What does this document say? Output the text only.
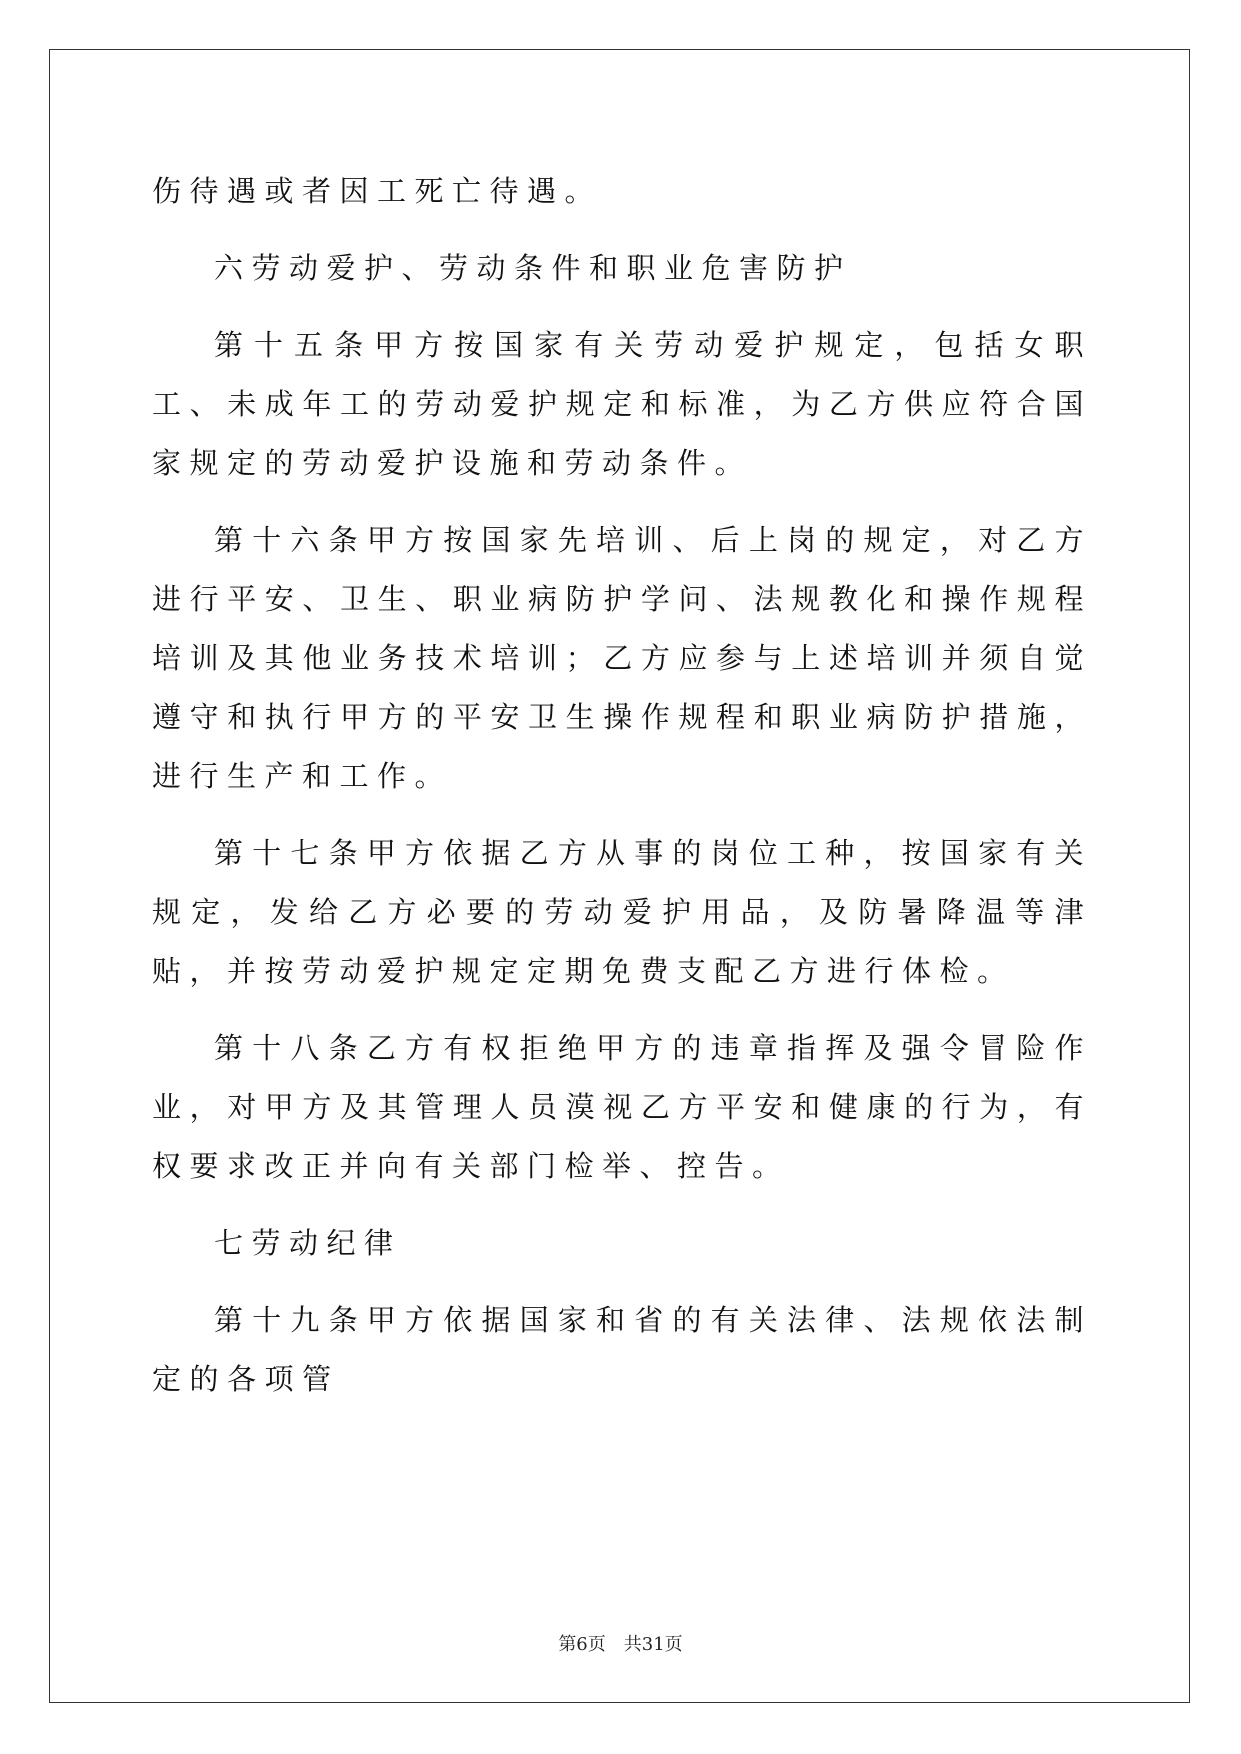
伤待遇或者因工死亡待遇。

六劳动爱护、劳动条件和职业危害防护

第十五条甲方按国家有关劳动爱护规定，包括女职工、未成年工的劳动爱护规定和标准，为乙方供应符合国家规定的劳动爱护设施和劳动条件。

第十六条甲方按国家先培训、后上岗的规定，对乙方进行平安、卫生、职业病防护学问、法规教化和操作规程培训及其他业务技术培训；乙方应参与上述培训并须自觉遵守和执行甲方的平安卫生操作规程和职业病防护措施，进行生产和工作。

第十七条甲方依据乙方从事的岗位工种，按国家有关规定，发给乙方必要的劳动爱护用品，及防暑降温等津贴，并按劳动爱护规定定期免费支配乙方进行体检。

第十八条乙方有权拒绝甲方的违章指挥及强令冒险作业，对甲方及其管理人员漠视乙方平安和健康的行为，有权要求改正并向有关部门检举、控告。

七劳动纪律

第十九条甲方依据国家和省的有关法律、法规依法制定的各项管

第6页 共31页
